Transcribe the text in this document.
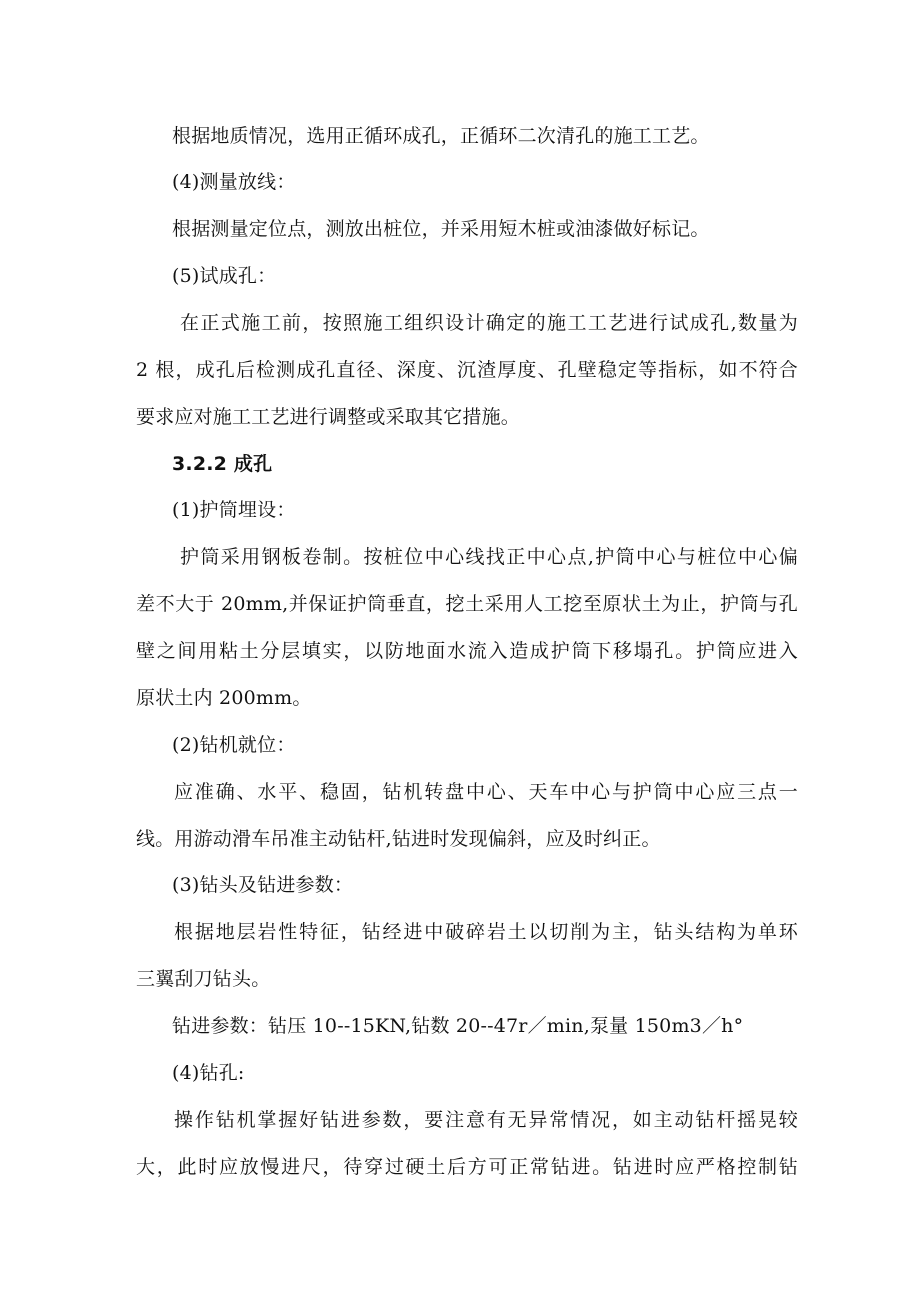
根据地质情况，选用正循环成孔，正循环二次清孔的施工工艺。
(4)测量放线：
根据测量定位点，测放出桩位，并采用短木桩或油漆做好标记。
(5)试成孔：
在正式施工前，按照施工组织设计确定的施工工艺进行试成孔,数量为
2 根，成孔后检测成孔直径、深度、沉渣厚度、孔壁稳定等指标，如不符合
要求应对施工工艺进行调整或采取其它措施。
3.2.2 成孔
(1)护筒埋设：
护筒采用钢板卷制。按桩位中心线找正中心点,护筒中心与桩位中心偏
差不大于 20mm,并保证护筒垂直，挖土采用人工挖至原状土为止，护筒与孔
壁之间用粘土分层填实，以防地面水流入造成护筒下移塌孔。护筒应进入
原状土内 200mm。
(2)钻机就位：
应准确、水平、稳固，钻机转盘中心、天车中心与护筒中心应三点一
线。用游动滑车吊准主动钻杆,钻进时发现偏斜，应及时纠正。
(3)钻头及钻进参数：
根据地层岩性特征，钻经进中破碎岩土以切削为主，钻头结构为单环
三翼刮刀钻头。
钻进参数：钻压 10--15KN,钻数 20--47r／min,泵量 150m3／h°
(4)钻孔:
操作钻机掌握好钻进参数，要注意有无异常情况，如主动钻杆摇晃较
大，此时应放慢进尺，待穿过硬土后方可正常钻进。钻进时应严格控制钻
